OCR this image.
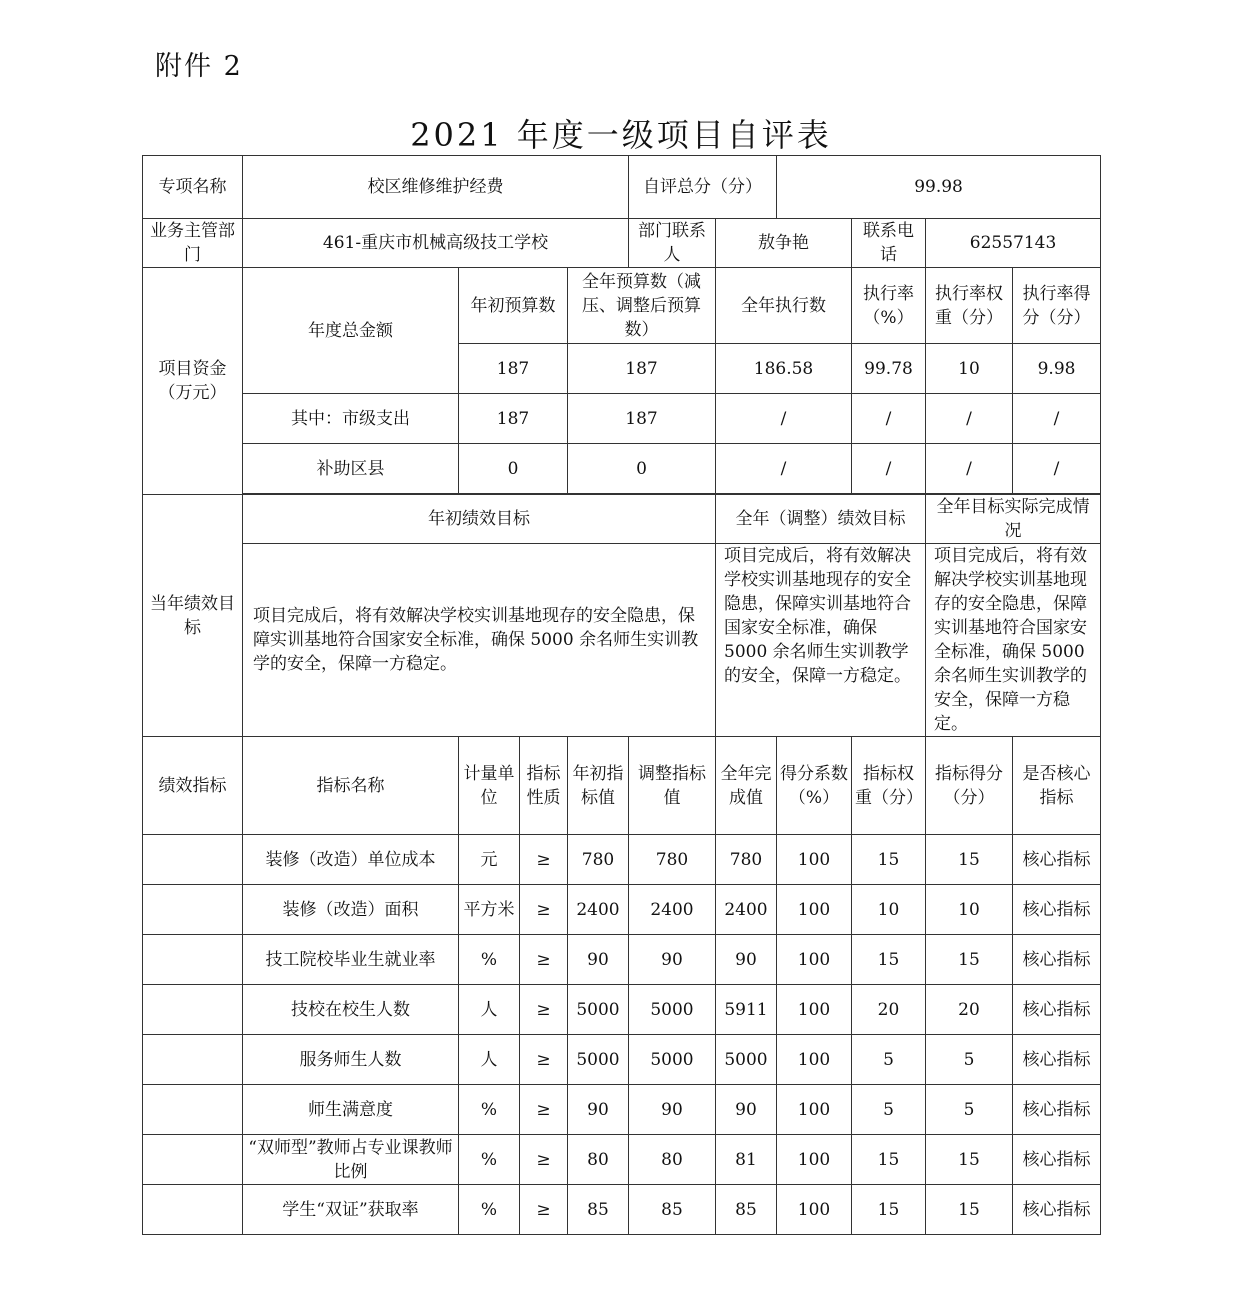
附件 2
2021 年度一级项目自评表
专项名称	校区维修维护经费				自评总分（分）		99.98			
业务主管部门	461-重庆市机械高级技工学校				部门联系人	敖争艳		联系电话	62557143	
项目资金（万元）	年度总金额	年初预算数		全年预算数（减压、调整后预算数）		全年执行数		执行率（%）	执行率权重（分）	执行率得分（分）
		187		187		186.58		99.78	10	9.98
	其中：市级支出	187		187		/		/	/	/
	补助区县	0		0		/		/	/	/

当年绩效目标	年初绩效目标					全年（调整）绩效目标			全年目标实际完成情况	
	项目完成后，将有效解决学校实训基地现存的安全隐患，保障实训基地符合国家安全标准，确保 5000 余名师生实训教学的安全，保障一方稳定。					项目完成后，将有效解决学校实训基地现存的安全隐患，保障实训基地符合国家安全标准，确保 5000 余名师生实训教学的安全，保障一方稳定。			项目完成后，将有效解决学校实训基地现存的安全隐患，保障实训基地符合国家安全标准，确保 5000 余名师生实训教学的安全，保障一方稳定。	
绩效指标	指标名称	计量单位	指标性质	年初指标值	调整指标值	全年完成值	得分系数（%）	指标权重（分）	指标得分（分）	是否核心指标
	装修（改造）单位成本	元	≥	780	780	780	100	15	15	核心指标
	装修（改造）面积	平方米	≥	2400	2400	2400	100	10	10	核心指标
	技工院校毕业生就业率	%	≥	90	90	90	100	15	15	核心指标
	技校在校生人数	人	≥	5000	5000	5911	100	20	20	核心指标
	服务师生人数	人	≥	5000	5000	5000	100	5	5	核心指标
	师生满意度	%	≥	90	90	90	100	5	5	核心指标
	“双师型”教师占专业课教师比例	%	≥	80	80	81	100	15	15	核心指标
	学生“双证”获取率	%	≥	85	85	85	100	15	15	核心指标
